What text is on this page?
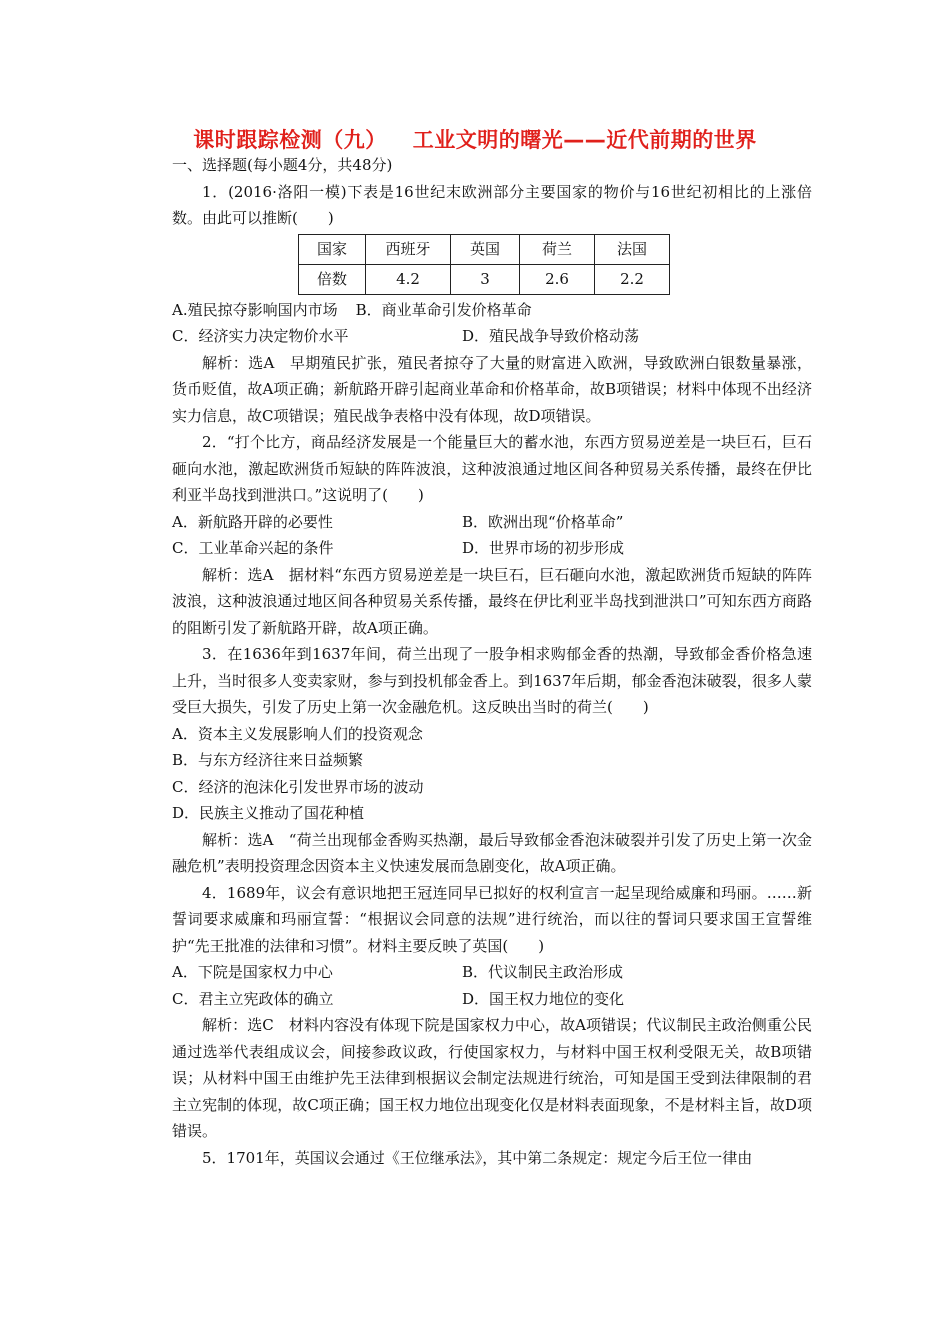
课时跟踪检测（九） 工业文明的曙光——近代前期的世界

一、选择题(每小题4分，共48分)

1．(2016·洛阳一模)下表是16世纪末欧洲部分主要国家的物价与16世纪初相比的上涨倍数。由此可以推断(　　)

国家	西班牙	英国	荷兰	法国
倍数	4.2	3	2.6	2.2
A.殖民掠夺影响国内市场 B．商业革命引发价格革命
C．经济实力决定物价水平	D．殖民战争导致价格动荡

解析：选A　早期殖民扩张，殖民者掠夺了大量的财富进入欧洲，导致欧洲白银数量暴涨，货币贬值，故A项正确；新航路开辟引起商业革命和价格革命，故B项错误；材料中体现不出经济实力信息，故C项错误；殖民战争表格中没有体现，故D项错误。

2．“打个比方，商品经济发展是一个能量巨大的蓄水池，东西方贸易逆差是一块巨石，巨石砸向水池，激起欧洲货币短缺的阵阵波浪，这种波浪通过地区间各种贸易关系传播，最终在伊比利亚半岛找到泄洪口。”这说明了(　　)

A．新航路开辟的必要性	B．欧洲出现“价格革命”
C．工业革命兴起的条件	D．世界市场的初步形成

解析：选A　据材料“东西方贸易逆差是一块巨石，巨石砸向水池，激起欧洲货币短缺的阵阵波浪，这种波浪通过地区间各种贸易关系传播，最终在伊比利亚半岛找到泄洪口”可知东西方商路的阻断引发了新航路开辟，故A项正确。

3．在1636年到1637年间，荷兰出现了一股争相求购郁金香的热潮，导致郁金香价格急速上升，当时很多人变卖家财，参与到投机郁金香上。到1637年后期，郁金香泡沫破裂，很多人蒙受巨大损失，引发了历史上第一次金融危机。这反映出当时的荷兰(　　)

A．资本主义发展影响人们的投资观念

B．与东方经济往来日益频繁

C．经济的泡沫化引发世界市场的波动

D．民族主义推动了国花种植

解析：选A　“荷兰出现郁金香购买热潮，最后导致郁金香泡沫破裂并引发了历史上第一次金融危机”表明投资理念因资本主义快速发展而急剧变化，故A项正确。

4．1689年，议会有意识地把王冠连同早已拟好的权利宣言一起呈现给威廉和玛丽。……新誓词要求威廉和玛丽宣誓：“根据议会同意的法规”进行统治，而以往的誓词只要求国王宣誓维护“先王批准的法律和习惯”。材料主要反映了英国(　　)

A．下院是国家权力中心	B．代议制民主政治形成
C．君主立宪政体的确立	D．国王权力地位的变化

解析：选C　材料内容没有体现下院是国家权力中心，故A项错误；代议制民主政治侧重公民通过选举代表组成议会，间接参政议政，行使国家权力，与材料中国王权利受限无关，故B项错误；从材料中国王由维护先王法律到根据议会制定法规进行统治，可知是国王受到法律限制的君主立宪制的体现，故C项正确；国王权力地位出现变化仅是材料表面现象，不是材料主旨，故D项错误。

5．1701年，英国议会通过《王位继承法》，其中第二条规定：规定今后王位一律由
